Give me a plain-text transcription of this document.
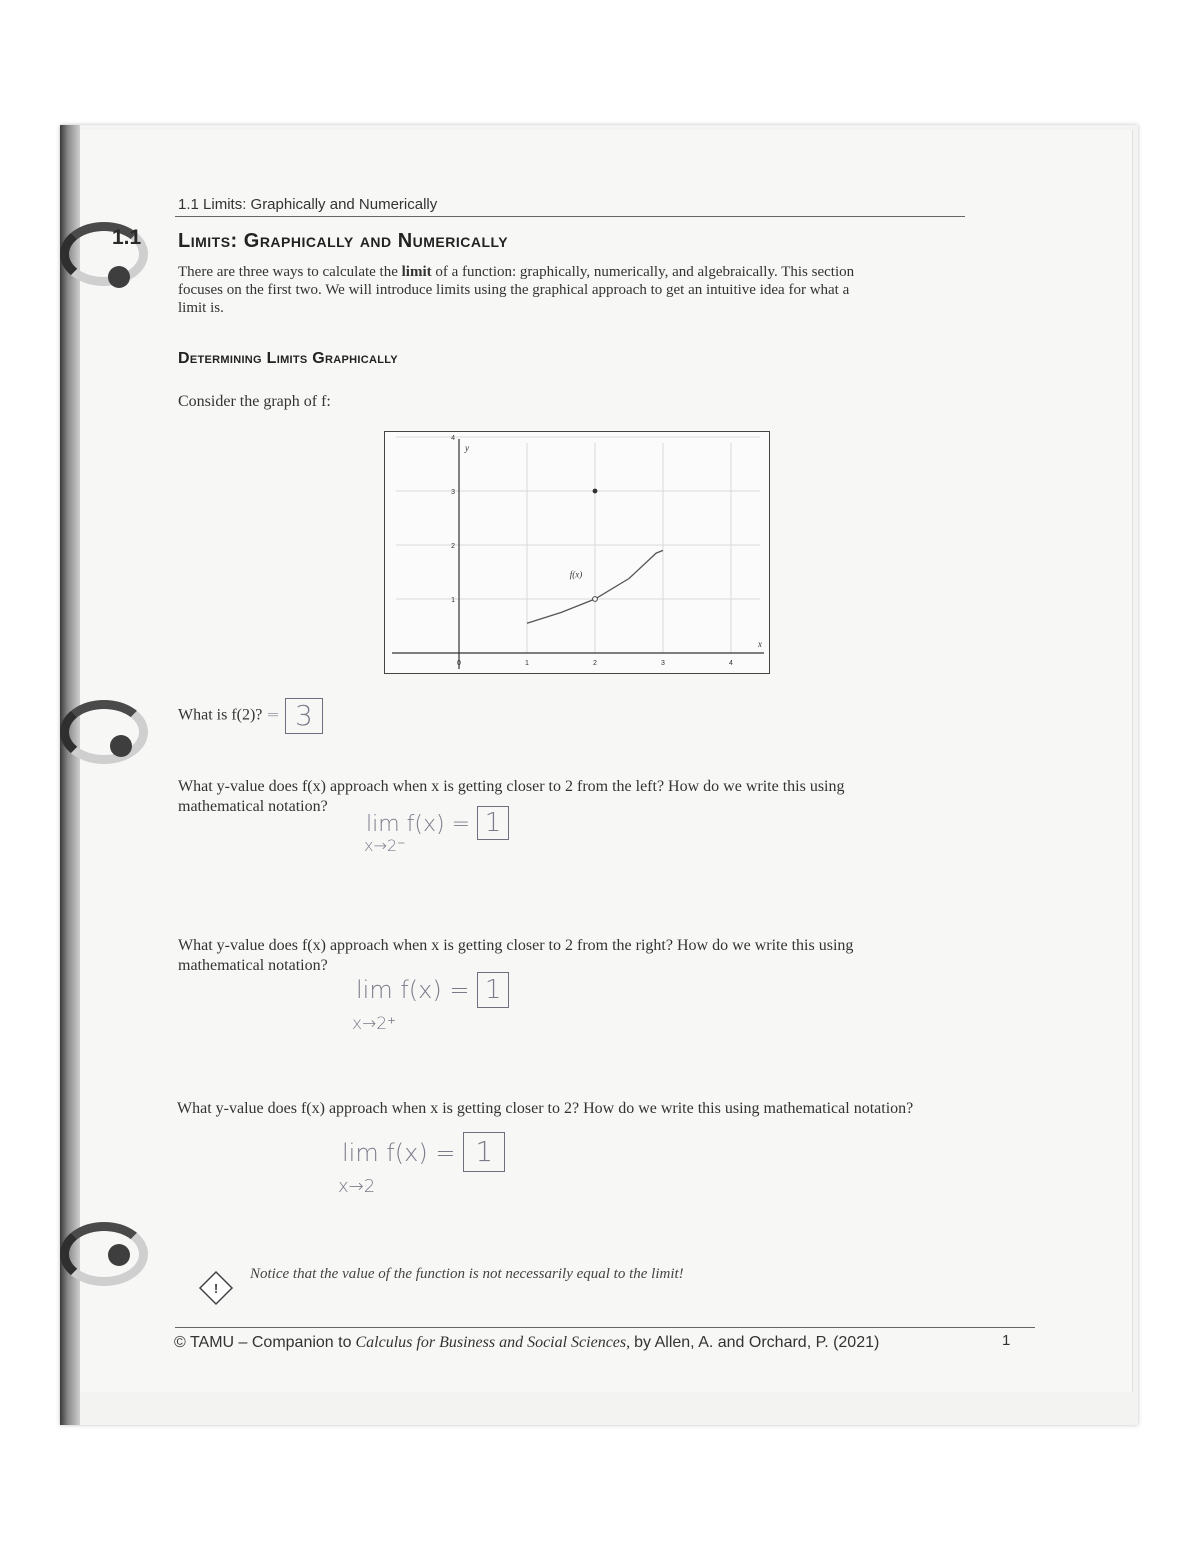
1.1 Limits: Graphically and Numerically
1.1 Limits: Graphically and Numerically
There are three ways to calculate the limit of a function: graphically, numerically, and algebraically. This section
focuses on the first two. We will introduce limits using the graphical approach to get an intuitive idea for what a
limit is.
Determining Limits Graphically
Consider the graph of f:
0	1	2	3	4
1
2
3
4
y
x
f(x)
What is f(2)? = 3
What y-value does f(x) approach when x is getting closer to 2 from the left? How do we write this using
mathematical notation?
lim f(x) = 1
x→2⁻
What y-value does f(x) approach when x is getting closer to 2 from the right? How do we write this using
mathematical notation?
lim f(x) = 1
x→2⁺
What y-value does f(x) approach when x is getting closer to 2? How do we write this using mathematical notation?
lim f(x) = 1
x→2
!
Notice that the value of the function is not necessarily equal to the limit!
© TAMU – Companion to Calculus for Business and Social Sciences, by Allen, A. and Orchard, P. (2021)	1
